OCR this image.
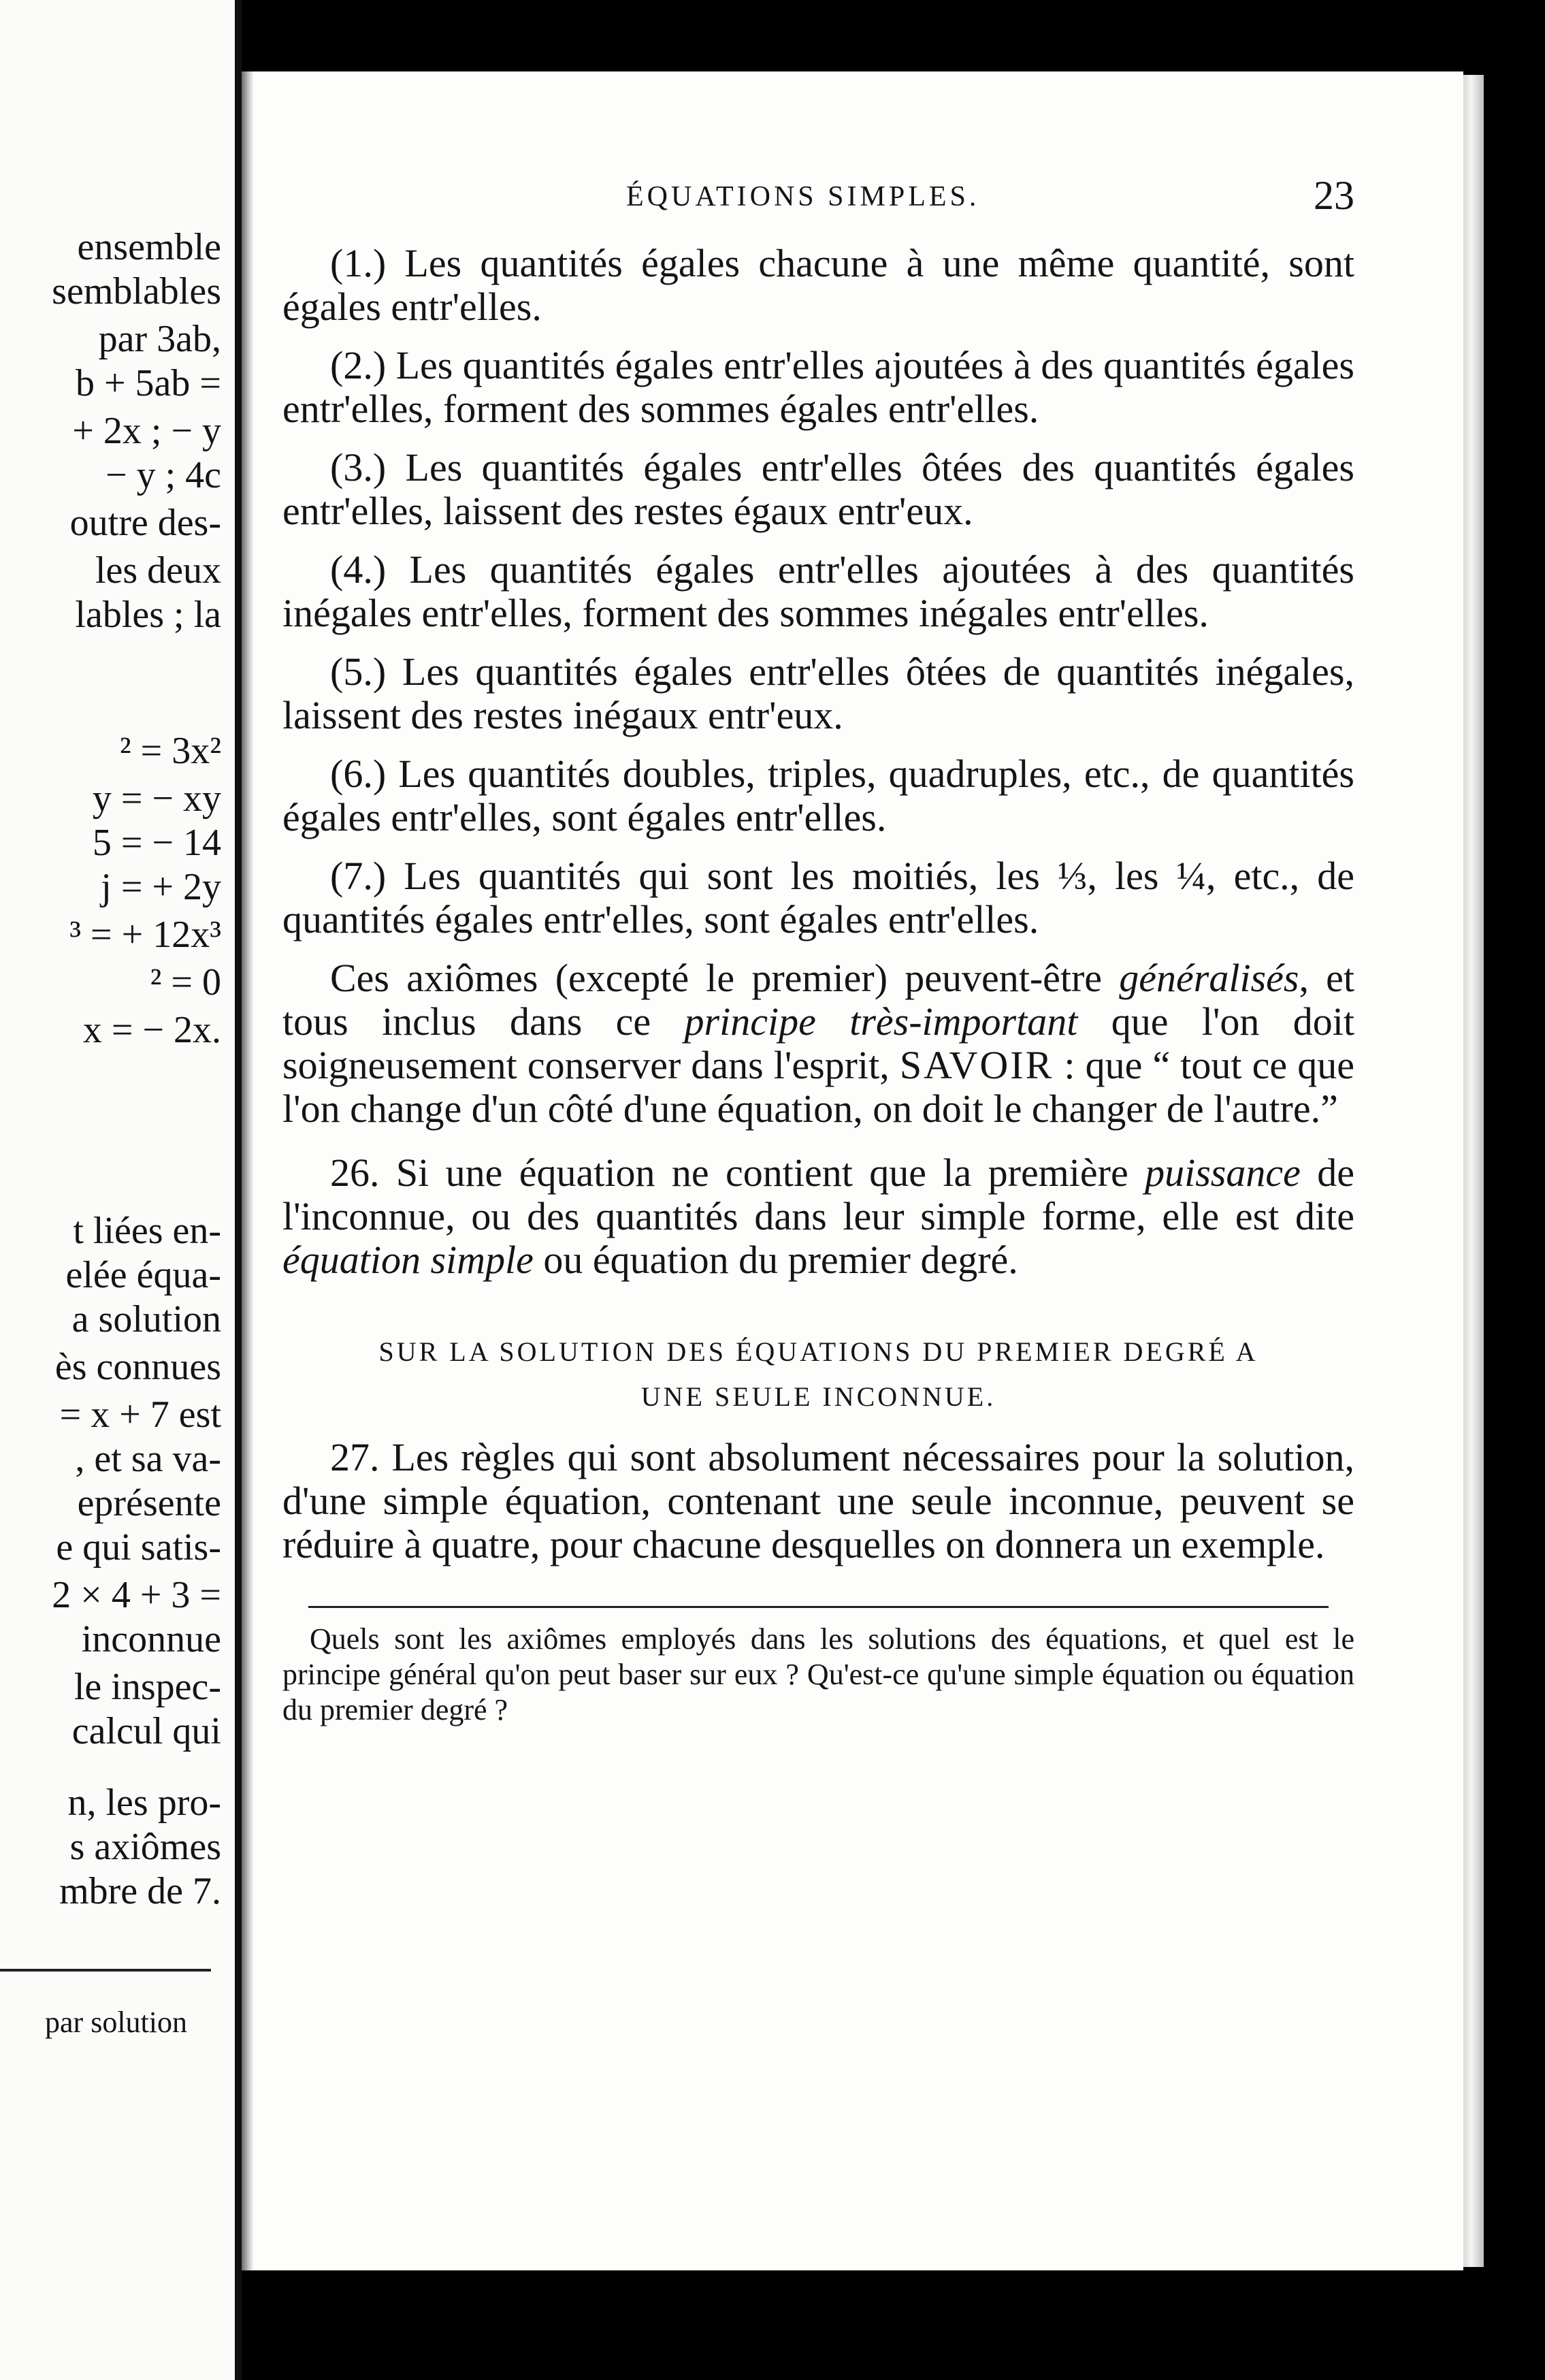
ensemble
semblables
par 3ab,
b + 5ab =
+ 2x ; − y
− y ; 4c
outre des-
les deux
lables ; la
² = 3x²
y = − xy
5 = − 14
j = + 2y
³ = + 12x³
² = 0
x = − 2x.
t liées en-
elée équa-
a solution
ès connues
= x + 7 est
, et sa va-
eprésente
e qui satis-
2 × 4 + 3 =
inconnue
le inspec-
calcul qui
n, les pro-
s axiômes
mbre de 7.
par solution
ÉQUATIONS SIMPLES.	23

(1.) Les quantités égales chacune à une même quantité, sont égales entr'elles.

(2.) Les quantités égales entr'elles ajoutées à des quantités égales entr'elles, forment des sommes égales entr'elles.

(3.) Les quantités égales entr'elles ôtées des quantités égales entr'elles, laissent des restes égaux entr'eux.

(4.) Les quantités égales entr'elles ajoutées à des quantités inégales entr'elles, forment des sommes inégales entr'elles.

(5.) Les quantités égales entr'elles ôtées de quantités inégales, laissent des restes inégaux entr'eux.

(6.) Les quantités doubles, triples, quadruples, etc., de quantités égales entr'elles, sont égales entr'elles.

(7.) Les quantités qui sont les moitiés, les ⅓, les ¼, etc., de quantités égales entr'elles, sont égales entr'elles.

Ces axiômes (excepté le premier) peuvent-être généralisés, et tous inclus dans ce principe très-important que l'on doit soigneusement conserver dans l'esprit, SAVOIR : que “ tout ce que l'on change d'un côté d'une équation, on doit le changer de l'autre.”

26. Si une équation ne contient que la première puissance de l'inconnue, ou des quantités dans leur simple forme, elle est dite équation simple ou équation du premier degré.

SUR LA SOLUTION DES ÉQUATIONS DU PREMIER DEGRÉ A
UNE SEULE INCONNUE.

27. Les règles qui sont absolument nécessaires pour la solution, d'une simple équation, contenant une seule inconnue, peuvent se réduire à quatre, pour chacune desquelles on donnera un exemple.

Quels sont les axiômes employés dans les solutions des équations, et quel est le principe général qu'on peut baser sur eux ? Qu'est-ce qu'une simple équation ou équation du premier degré ?
